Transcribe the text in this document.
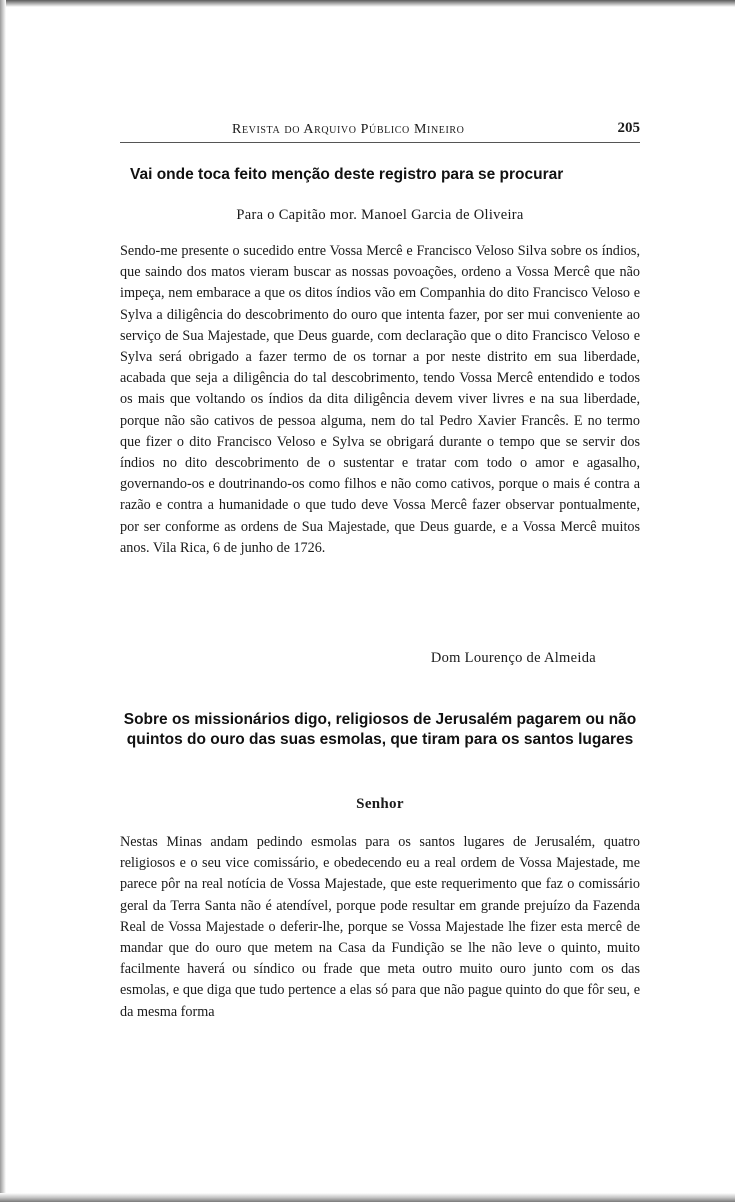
Revista do Arquivo Público Mineiro	205
Vai onde toca feito menção deste registro para se procurar
Para o Capitão mor. Manoel Garcia de Oliveira

Sendo-me presente o sucedido entre Vossa Mercê e Francisco Veloso Silva sobre os índios, que saindo dos matos vieram buscar as nossas povoações, ordeno a Vossa Mercê que não impeça, nem embarace a que os ditos índios vão em Companhia do dito Francisco Veloso e Sylva a diligência do descobrimento do ouro que intenta fazer, por ser mui conveniente ao serviço de Sua Majestade, que Deus guarde, com declaração que o dito Francisco Veloso e Sylva será obrigado a fazer termo de os tornar a por neste distrito em sua liberdade, acabada que seja a diligência do tal descobrimento, tendo Vossa Mercê entendido e todos os mais que voltando os índios da dita diligência devem viver livres e na sua liberdade, porque não são cativos de pessoa alguma, nem do tal Pedro Xavier Francês. E no termo que fizer o dito Francisco Veloso e Sylva se obrigará durante o tempo que se servir dos índios no dito descobrimento de o sustentar e tratar com todo o amor e agasalho, governando-os e doutrinando-os como filhos e não como cativos, porque o mais é contra a razão e contra a humanidade o que tudo deve Vossa Mercê fazer observar pontualmente, por ser conforme as ordens de Sua Majestade, que Deus guarde, e a Vossa Mercê muitos anos. Vila Rica, 6 de junho de 1726.

Dom Lourenço de Almeida
Sobre os missionários digo, religiosos de Jerusalém pagarem ou não quintos do ouro das suas esmolas, que tiram para os santos lugares
Senhor

Nestas Minas andam pedindo esmolas para os santos lugares de Jerusalém, quatro religiosos e o seu vice comissário, e obedecendo eu a real ordem de Vossa Majestade, me parece pôr na real notícia de Vossa Majestade, que este requerimento que faz o comissário geral da Terra Santa não é atendível, porque pode resultar em grande prejuízo da Fazenda Real de Vossa Majestade o deferir-lhe, porque se Vossa Majestade lhe fizer esta mercê de mandar que do ouro que metem na Casa da Fundição se lhe não leve o quinto, muito facilmente haverá ou síndico ou frade que meta outro muito ouro junto com os das esmolas, e que diga que tudo pertence a elas só para que não pague quinto do que fôr seu, e da mesma forma
